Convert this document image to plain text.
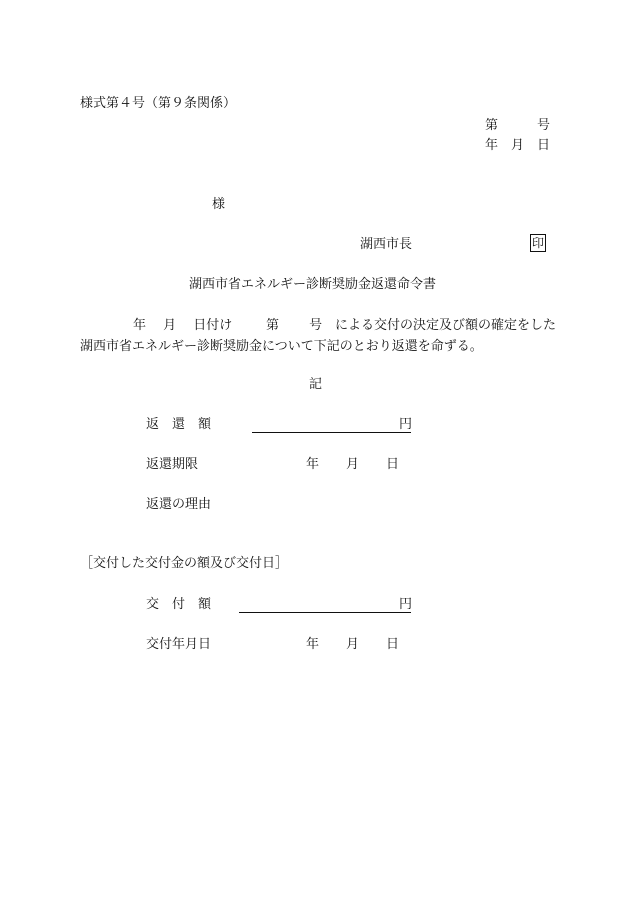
様式第４号（第９条関係）
第　　　号
年　月　日
様
湖西市長	印
湖西市省エネルギー診断奨励金返還命令書
年　 月　 日付け	第　　 号 による交付の決定及び額の確定をした
湖西市省エネルギー診断奨励金について下記のとおり返還を命ずる。
記
返　還　額	円
返還期限	年 月 日
返還の理由
［交付した交付金の額及び交付日］
交　付　額	円
交付年月日	年 月 日
